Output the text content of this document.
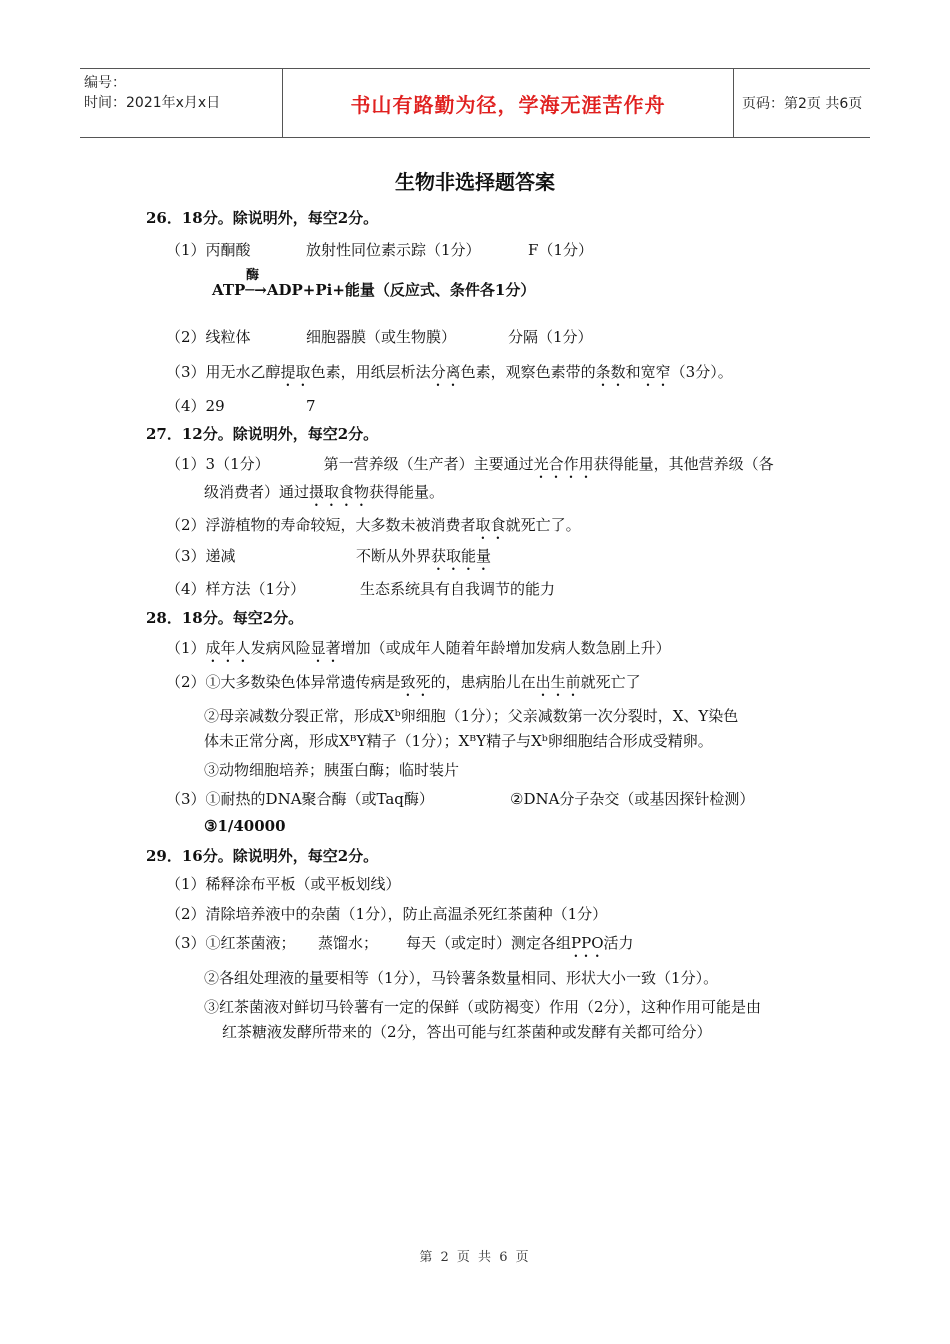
编号：
时间：2021年x月x日	书山有路勤为径，学海无涯苦作舟	页码：第2页 共6页
生物非选择题答案
26．18分。除说明外，每空2分。
（1）丙酮酸	放射性同位素示踪（1分）	F（1分）
酶
ATP─→ADP+Pi+能量（反应式、条件各1分）
（2）线粒体	细胞器膜（或生物膜）	分隔（1分）
（3）用无水乙醇提取色素，用纸层析法分离色素，观察色素带的条数和宽窄（3分）。
（4）29	7
27．12分。除说明外，每空2分。
（1）3（1分）	第一营养级（生产者）主要通过光合作用获得能量，其他营养级（各
级消费者）通过摄取食物获得能量。
（2）浮游植物的寿命较短，大多数未被消费者取食就死亡了。
（3）递减	不断从外界获取能量
（4）样方法（1分）	生态系统具有自我调节的能力
28．18分。每空2分。
（1）成年人发病风险显著增加（或成年人随着年龄增加发病人数急剧上升）
（2）①大多数染色体异常遗传病是致死的，患病胎儿在出生前就死亡了
②母亲减数分裂正常，形成Xᵇ卵细胞（1分）；父亲减数第一次分裂时，X、Y染色
体未正常分离，形成XᴮY精子（1分）；XᴮY精子与Xᵇ卵细胞结合形成受精卵。
③动物细胞培养；胰蛋白酶；临时装片
（3）①耐热的DNA聚合酶（或Taq酶）	②DNA分子杂交（或基因探针检测）
③1/40000
29．16分。除说明外，每空2分。
（1）稀释涂布平板（或平板划线）
（2）清除培养液中的杂菌（1分），防止高温杀死红茶菌种（1分）
（3）①红茶菌液； 蒸馏水； 每天（或定时）测定各组PPO活力
②各组处理液的量要相等（1分），马铃薯条数量相同、形状大小一致（1分）。
③红茶菌液对鲜切马铃薯有一定的保鲜（或防褐变）作用（2分），这种作用可能是由
红茶糖液发酵所带来的（2分，答出可能与红茶菌种或发酵有关都可给分）
第 2 页 共 6 页
